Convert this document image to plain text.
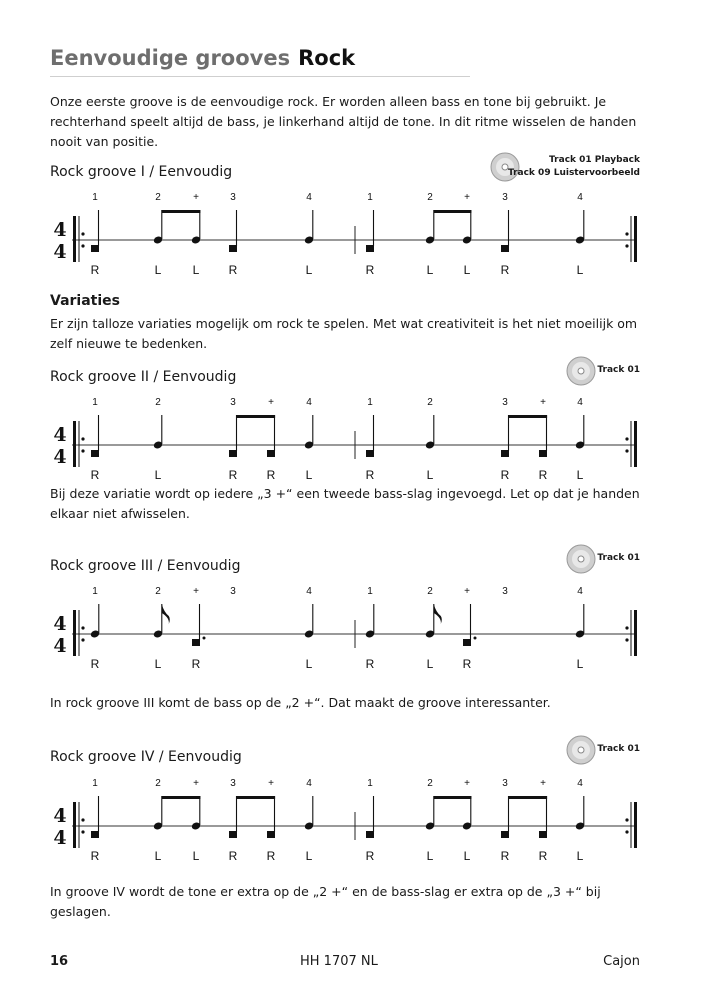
Eenvoudige grooves Rock
Onze eerste groove is de eenvoudige rock. Er worden alleen bass en tone bij gebruikt. Je rechterhand speelt altijd de bass, je linkerhand altijd de tone. In dit ritme wisselen de handen nooit van positie.
Rock groove I / Eenvoudig
Track 01 Playback
Track 09 Luistervoorbeeld
4
4
1	2	+	3	4	1	2	+	3	4
R	L	L R	L	R	L	L	R	L
Variaties
Er zijn talloze variaties mogelijk om rock te spelen. Met wat creativiteit is het niet moeilijk om zelf nieuwe te bedenken.
Rock groove II / Eenvoudig	Track 01
4
4
1	2	3	+	4	1	2	3	+	4
R	L	R R	L	R	L	R R L
Bij deze variatie wordt op iedere „3 +“ een tweede bass-slag ingevoegd. Let op dat je handen elkaar niet afwisselen.
Rock groove III / Eenvoudig	Track 01
4
4
1	2	+	3	4	1	2	+	3	4
R	L	R	L	R	L R	L
In rock groove III komt de bass op de „2 +“. Dat maakt de groove interessanter.
Rock groove IV / Eenvoudig	Track 01
4
4
1	2	+	3	+	4	1	2	+	3	+	4
R	L	L R R	L	R	L	L	R R L
In groove IV wordt de tone er extra op de „2 +“ en de bass-slag er extra op de „3 +“ bij geslagen.
16	HH 1707 NL	Cajon
